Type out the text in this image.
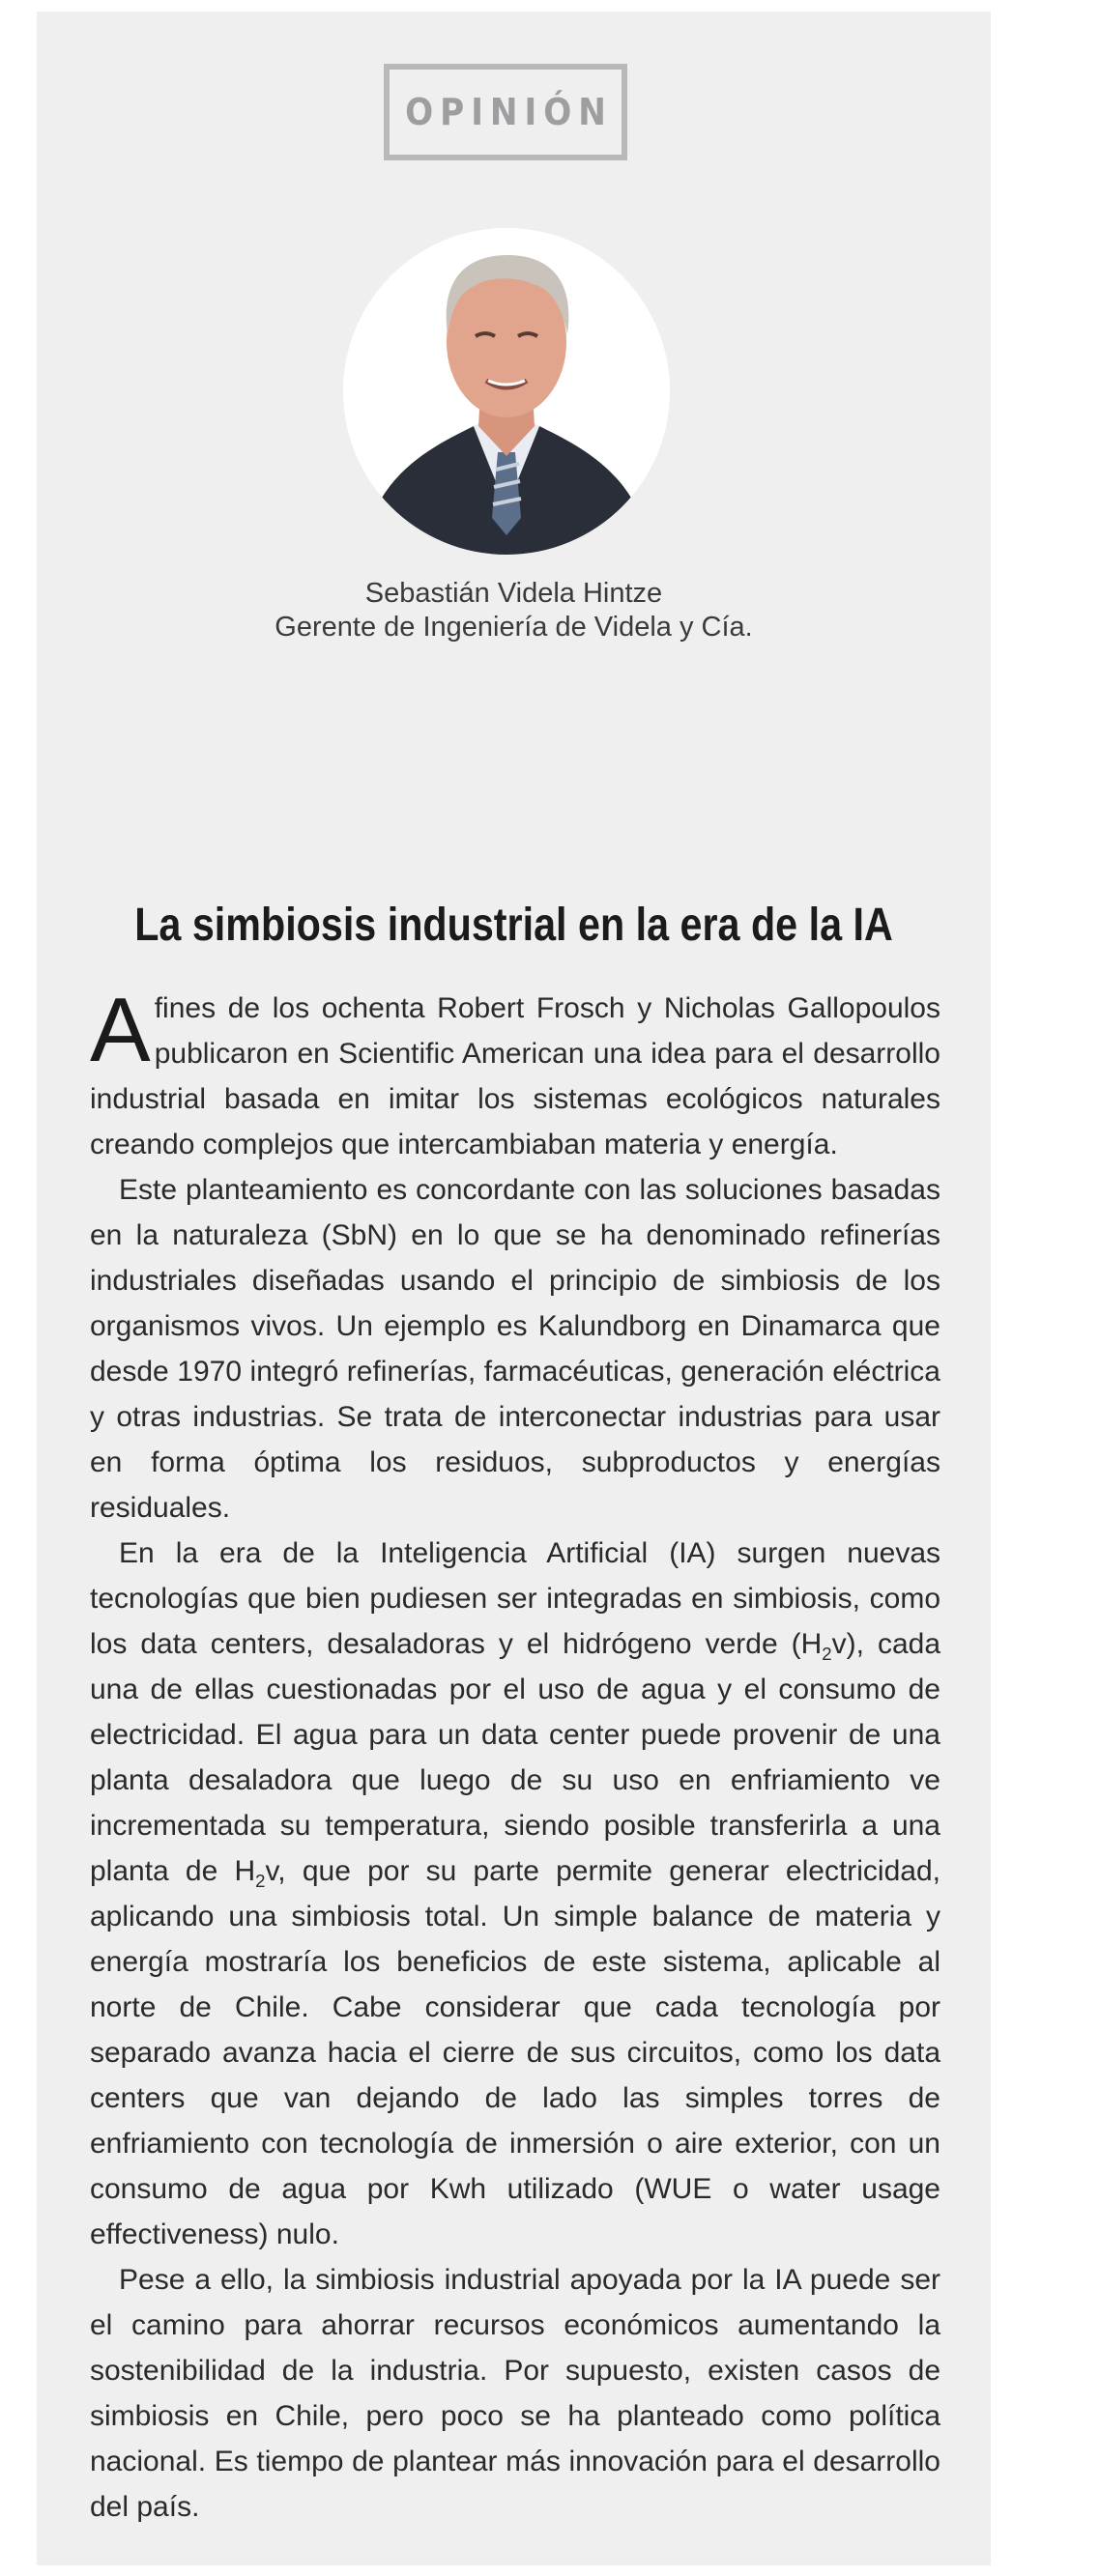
OPINIÓN
Sebastián Videla Hintze
Gerente de Ingeniería de Videla y Cía.
La simbiosis industrial en la era de la IA

A fines de los ochenta Robert Frosch y Nicholas Gallopoulos publicaron en Scientific American una idea para el desarrollo industrial basada en imitar los sistemas ecológicos naturales creando complejos que intercambiaban materia y energía.

Este planteamiento es concordante con las soluciones basadas en la naturaleza (SbN) en lo que se ha denominado refinerías industriales diseñadas usando el principio de simbiosis de los organismos vivos. Un ejemplo es Kalundborg en Dinamarca que desde 1970 integró refinerías, farmacéuticas, generación eléctrica y otras industrias. Se trata de interconectar industrias para usar en forma óptima los residuos, subproductos y energías residuales.

En la era de la Inteligencia Artificial (IA) surgen nuevas tecnologías que bien pudiesen ser integradas en simbiosis, como los data centers, desaladoras y el hidrógeno verde $(H_2v)$, cada una de ellas cuestionadas por el uso de agua y el consumo de electricidad. El agua para un data center puede provenir de una planta desaladora que luego de su uso en enfriamiento ve incrementada su temperatura, siendo posible transferirla a una planta de $H_2v$, que por su parte permite generar electricidad, aplicando una simbiosis total. Un simple balance de materia y energía mostraría los beneficios de este sistema, aplicable al norte de Chile. Cabe considerar que cada tecnología por separado avanza hacia el cierre de sus circuitos, como los data centers que van dejando de lado las simples torres de enfriamiento con tecnología de inmersión o aire exterior, con un consumo de agua por Kwh utilizado (WUE o water usage effectiveness) nulo.

Pese a ello, la simbiosis industrial apoyada por la IA puede ser el camino para ahorrar recursos económicos aumentando la sostenibilidad de la industria. Por supuesto, existen casos de simbiosis en Chile, pero poco se ha planteado como política nacional. Es tiempo de plantear más innovación para el desarrollo del país.
